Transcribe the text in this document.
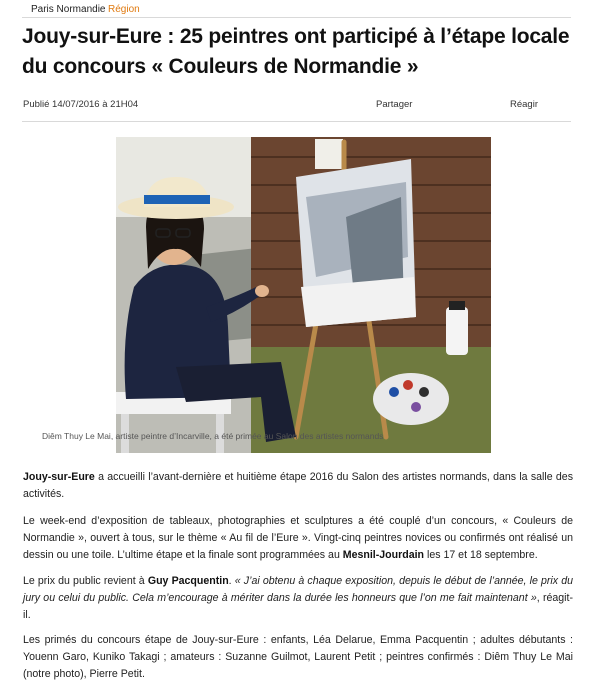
Paris Normandie Région
Jouy-sur-Eure : 25 peintres ont participé à l’étape locale du concours « Couleurs de Normandie »
Publié 14/07/2016 à 21H04	Partager	Réagir
Diêm Thuy Le Mai, artiste peintre d’Incarville, a été primée au Salon des artistes normands

Jouy-sur-Eure a accueilli l’avant-dernière et huitième étape 2016 du Salon des artistes normands, dans la salle des activités.

Le week-end d’exposition de tableaux, photographies et sculptures a été couplé d’un concours, « Couleurs de Normandie », ouvert à tous, sur le thème « Au fil de l’Eure ». Vingt-cinq peintres novices ou confirmés ont réalisé un dessin ou une toile. L’ultime étape et la finale sont programmées au Mesnil-Jourdain les 17 et 18 septembre.

Le prix du public revient à Guy Pacquentin. « J’ai obtenu à chaque exposition, depuis le début de l’année, le prix du jury ou celui du public. Cela m’encourage à mériter dans la durée les honneurs que l’on me fait maintenant », réagit-il.

Les primés du concours étape de Jouy-sur-Eure : enfants, Léa Delarue, Emma Pacquentin ; adultes débutants : Youenn Garo, Kuniko Takagi ; amateurs : Suzanne Guilmot, Laurent Petit ; peintres confirmés : Diêm Thuy Le Mai (notre photo), Pierre Petit.
